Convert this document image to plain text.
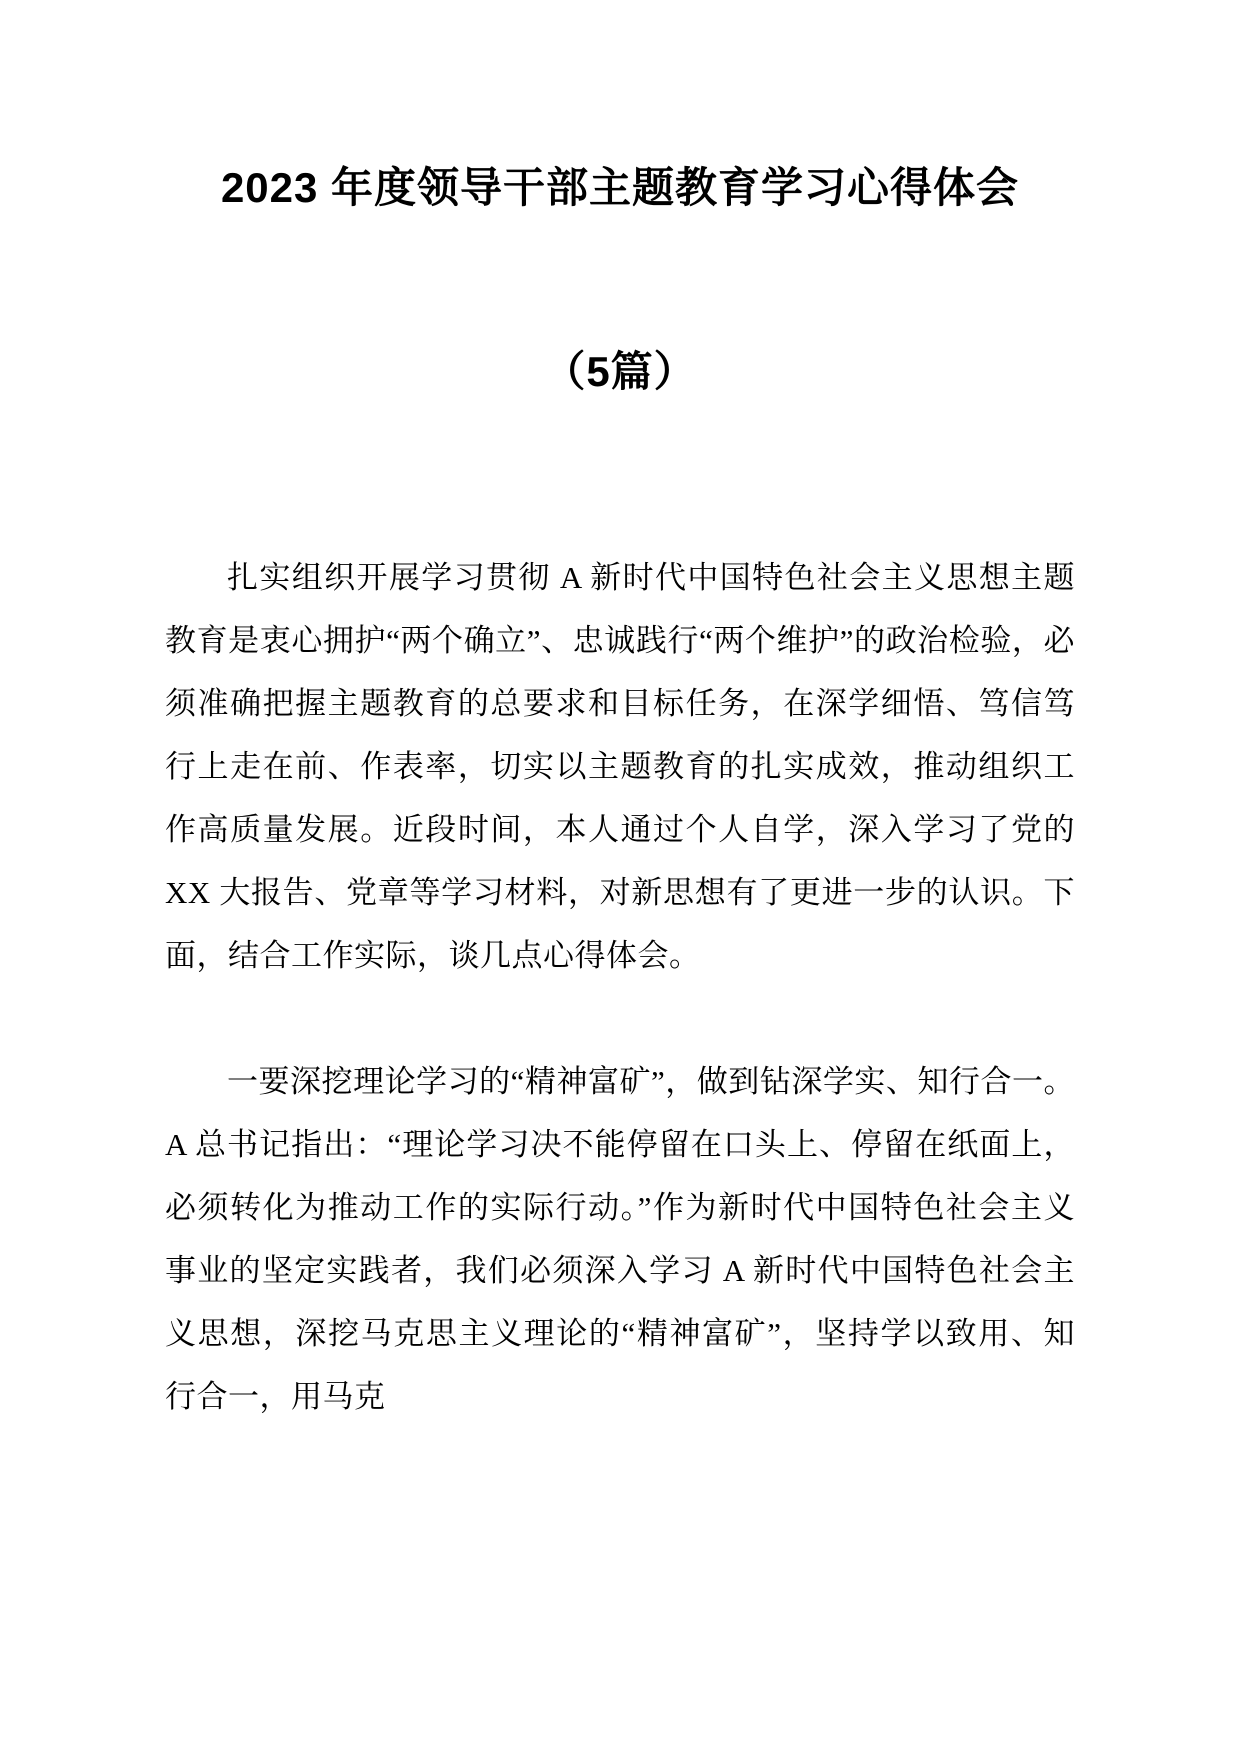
2023 年度领导干部主题教育学习心得体会
（5篇）

扎实组织开展学习贯彻 A 新时代中国特色社会主义思想主题教育是衷心拥护“两个确立”、忠诚践行“两个维护”的政治检验，必须准确把握主题教育的总要求和目标任务，在深学细悟、笃信笃行上走在前、作表率，切实以主题教育的扎实成效，推动组织工作高质量发展。近段时间，本人通过个人自学，深入学习了党的 XX 大报告、党章等学习材料，对新思想有了更进一步的认识。下面，结合工作实际，谈几点心得体会。

一要深挖理论学习的“精神富矿”，做到钻深学实、知行合一。A 总书记指出：“理论学习决不能停留在口头上、停留在纸面上，必须转化为推动工作的实际行动。”作为新时代中国特色社会主义事业的坚定实践者，我们必须深入学习 A 新时代中国特色社会主义思想，深挖马克思主义理论的“精神富矿”，坚持学以致用、知行合一，用马克
